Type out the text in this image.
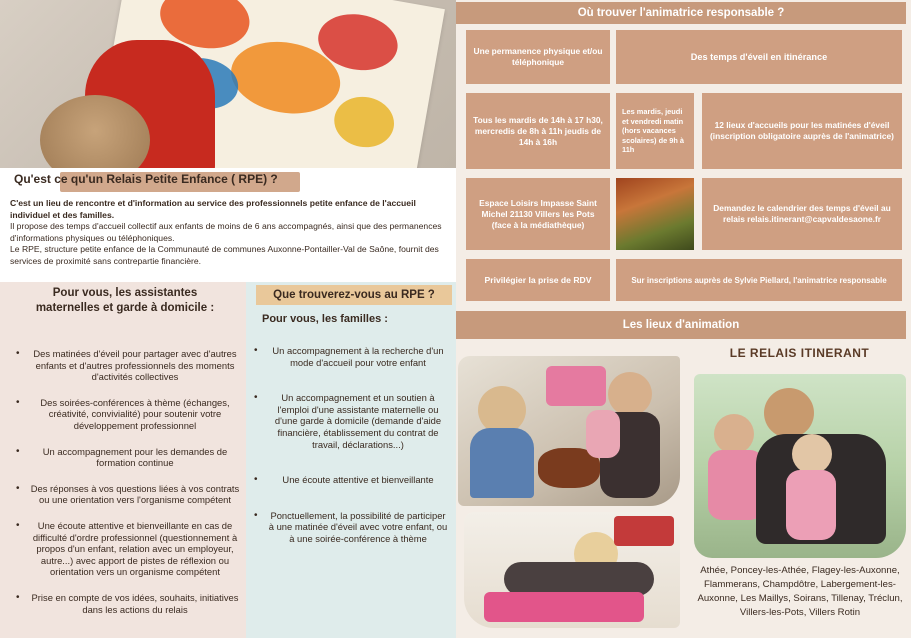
Qu'est ce qu'un Relais Petite Enfance ( RPE) ?

C'est un lieu de rencontre et d'information au service des professionnels petite enfance de l'accueil individuel et des familles.

Il propose des temps d'accueil collectif aux enfants de moins de 6 ans accompagnés, ainsi que des permanences d'informations physiques ou téléphoniques.

Le RPE, structure petite enfance de la Communauté de communes Auxonne-Pontailler-Val de Saône, fournit des services de proximité sans contrepartie financière.

Que trouverez-vous au RPE ?
Pour vous, les assistantes maternelles et garde à domicile :
Pour vous, les familles :
• Des matinées d'éveil pour partager avec d'autres enfants et d'autres professionnels des moments d'activités collectives
• Des soirées-conférences à thème (échanges, créativité, convivialité) pour soutenir votre développement professionnel
• Un accompagnement pour les demandes de formation continue
• Des réponses à vos questions liées à vos contrats ou une orientation vers l'organisme compétent
• Une écoute attentive et bienveillante en cas de difficulté d'ordre professionnel (questionnement à propos d'un enfant, relation avec un employeur, autre...) avec apport de pistes de réflexion ou orientation vers un organisme compétent
• Prise en compte de vos idées, souhaits, initiatives dans les actions du relais
• Un accompagnement à la recherche d'un mode d'accueil pour votre enfant
• Un accompagnement et un soutien à l'emploi d'une assistante maternelle ou d'une garde à domicile (demande d'aide financière, établissement du contrat de travail, déclarations...)
• Une écoute attentive et bienveillante
• Ponctuellement, la possibilité de participer à une matinée d'éveil avec votre enfant, ou à une soirée-conférence à thème
Où trouver l'animatrice responsable ?
Une permanence physique et/ou téléphonique
Des temps d'éveil en itinérance
Tous les mardis de 14h à 17 h30, mercredis de 8h à 11h jeudis de 14h à 16h
Les mardis, jeudi et vendredi matin (hors vacances scolaires) de 9h à 11h
12 lieux d'accueils pour les matinées d'éveil (inscription obligatoire auprès de l'animatrice)
Espace Loisirs Impasse Saint Michel 21130 Villers les Pots (face à la médiathèque)
Demandez le calendrier des temps d'éveil au relais relais.itinerant@capvaldesaone.fr
Privilégier la prise de RDV	Sur inscriptions auprès de Sylvie Piellard, l'animatrice responsable
Les lieux d'animation
LE RELAIS ITINERANT
Athée, Poncey-les-Athée, Flagey-les-Auxonne, Flammerans, Champdôtre, Labergement-les-Auxonne, Les Maillys, Soirans, Tillenay, Tréclun, Villers-les-Pots, Villers Rotin
